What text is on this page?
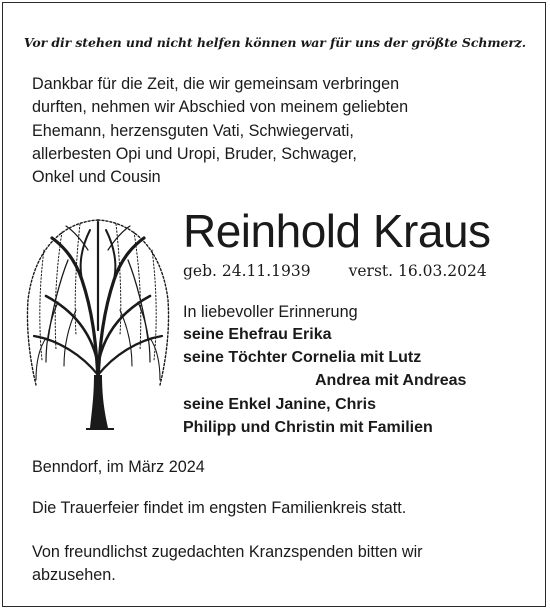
Vor dir stehen und nicht helfen können war für uns der größte Schmerz.
Dankbar für die Zeit, die wir gemeinsam verbringen
durften, nehmen wir Abschied von meinem geliebten
Ehemann, herzensguten Vati, Schwiegervati,
allerbesten Opi und Uropi, Bruder, Schwager,
Onkel und Cousin
Reinhold Kraus
geb. 24.11.1939 verst. 16.03.2024
In liebevoller Erinnerung
seine Ehefrau Erika
seine Töchter Cornelia mit Lutz
Andrea mit Andreas
seine Enkel Janine, Chris
Philipp und Christin mit Familien
Benndorf, im März 2024
Die Trauerfeier findet im engsten Familienkreis statt.
Von freundlichst zugedachten Kranzspenden bitten wir
abzusehen.
